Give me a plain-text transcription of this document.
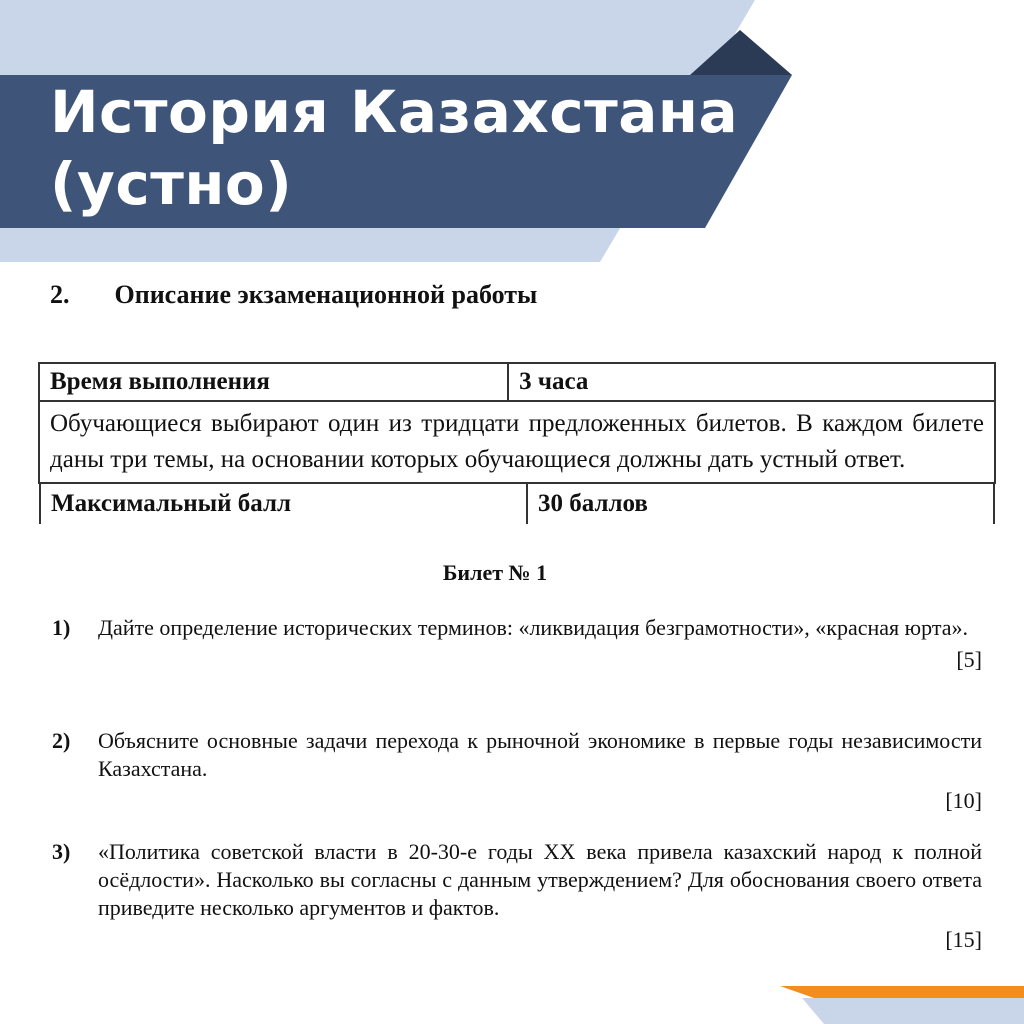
История Казахстана
(устно)
2. Описание экзаменационной работы
Время выполнения	3 часа
Обучающиеся выбирают один из тридцати предложенных билетов. В каждом билете даны три темы, на основании которых обучающиеся должны дать устный ответ.

Максимальный балл	30 баллов
Билет № 1
1) Дайте определение исторических терминов: «ликвидация безграмотности», «красная юрта».
[5]
2) Объясните основные задачи перехода к рыночной экономике в первые годы независимости Казахстана.
[10]
3) «Политика советской власти в 20-30-е годы XX века привела казахский народ к полной осёдлости». Насколько вы согласны с данным утверждением? Для обоснования своего ответа приведите несколько аргументов и фактов.
[15]
3
